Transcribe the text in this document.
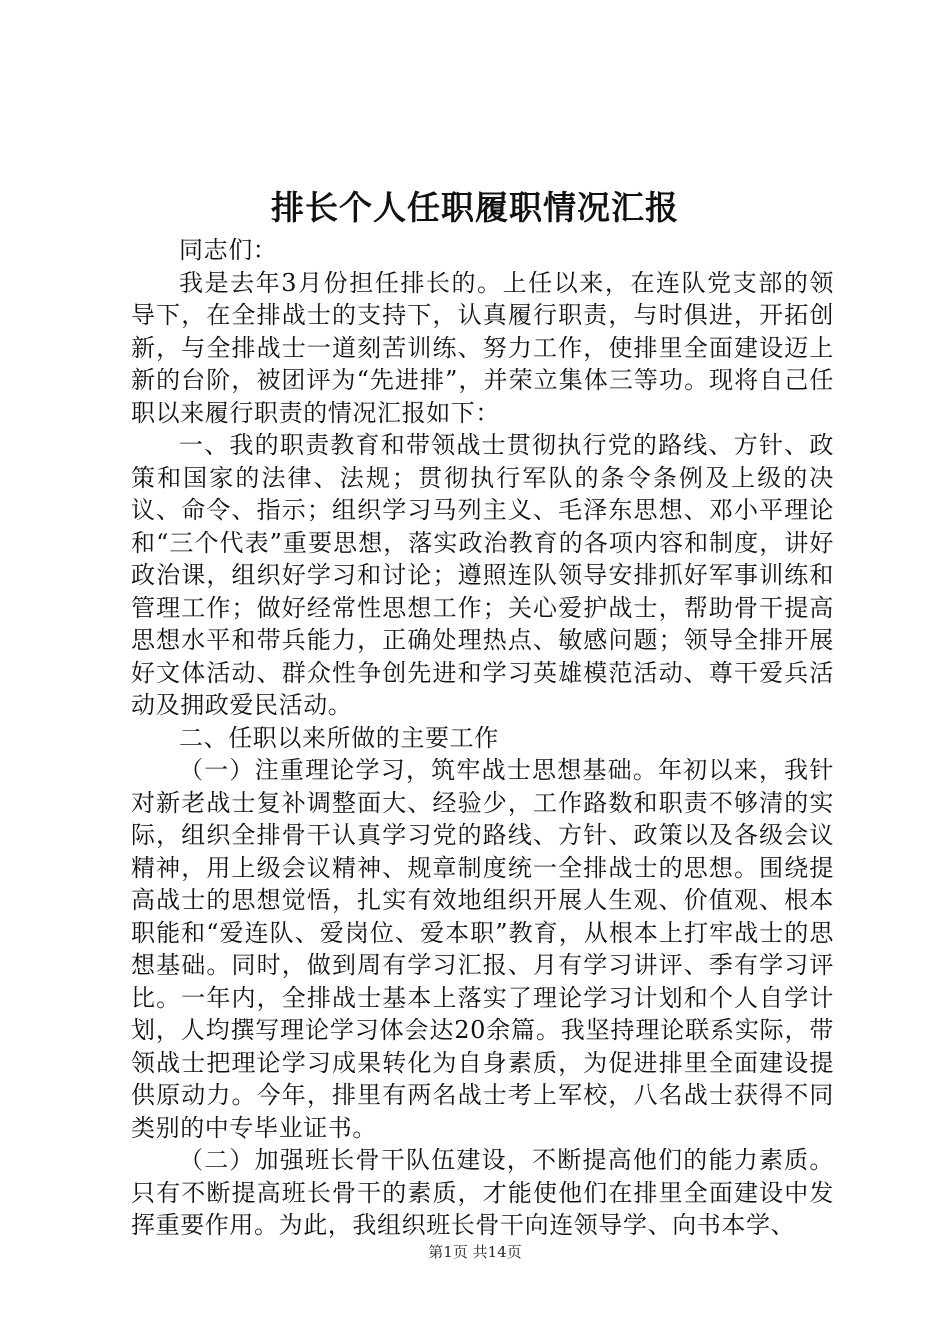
排长个人任职履职情况汇报

同志们：

我是去年3月份担任排长的。上任以来，在连队党支部的领导下，在全排战士的支持下，认真履行职责，与时俱进，开拓创新，与全排战士一道刻苦训练、努力工作，使排里全面建设迈上新的台阶，被团评为“先进排”，并荣立集体三等功。现将自己任职以来履行职责的情况汇报如下：

一、我的职责教育和带领战士贯彻执行党的路线、方针、政策和国家的法律、法规；贯彻执行军队的条令条例及上级的决议、命令、指示；组织学习马列主义、毛泽东思想、邓小平理论和“三个代表”重要思想，落实政治教育的各项内容和制度，讲好政治课，组织好学习和讨论；遵照连队领导安排抓好军事训练和管理工作；做好经常性思想工作；关心爱护战士，帮助骨干提高思想水平和带兵能力，正确处理热点、敏感问题；领导全排开展好文体活动、群众性争创先进和学习英雄模范活动、尊干爱兵活动及拥政爱民活动。

二、任职以来所做的主要工作

（一）注重理论学习，筑牢战士思想基础。年初以来，我针对新老战士复补调整面大、经验少，工作路数和职责不够清的实际，组织全排骨干认真学习党的路线、方针、政策以及各级会议精神，用上级会议精神、规章制度统一全排战士的思想。围绕提高战士的思想觉悟，扎实有效地组织开展人生观、价值观、根本职能和“爱连队、爱岗位、爱本职”教育，从根本上打牢战士的思想基础。同时，做到周有学习汇报、月有学习讲评、季有学习评比。一年内，全排战士基本上落实了理论学习计划和个人自学计划，人均撰写理论学习体会达20余篇。我坚持理论联系实际，带领战士把理论学习成果转化为自身素质，为促进排里全面建设提供原动力。今年，排里有两名战士考上军校，八名战士获得不同类别的中专毕业证书。

（二）加强班长骨干队伍建设，不断提高他们的能力素质。只有不断提高班长骨干的素质，才能使他们在排里全面建设中发挥重要作用。为此，我组织班长骨干向连领导学、向书本学、

第1页 共14页
